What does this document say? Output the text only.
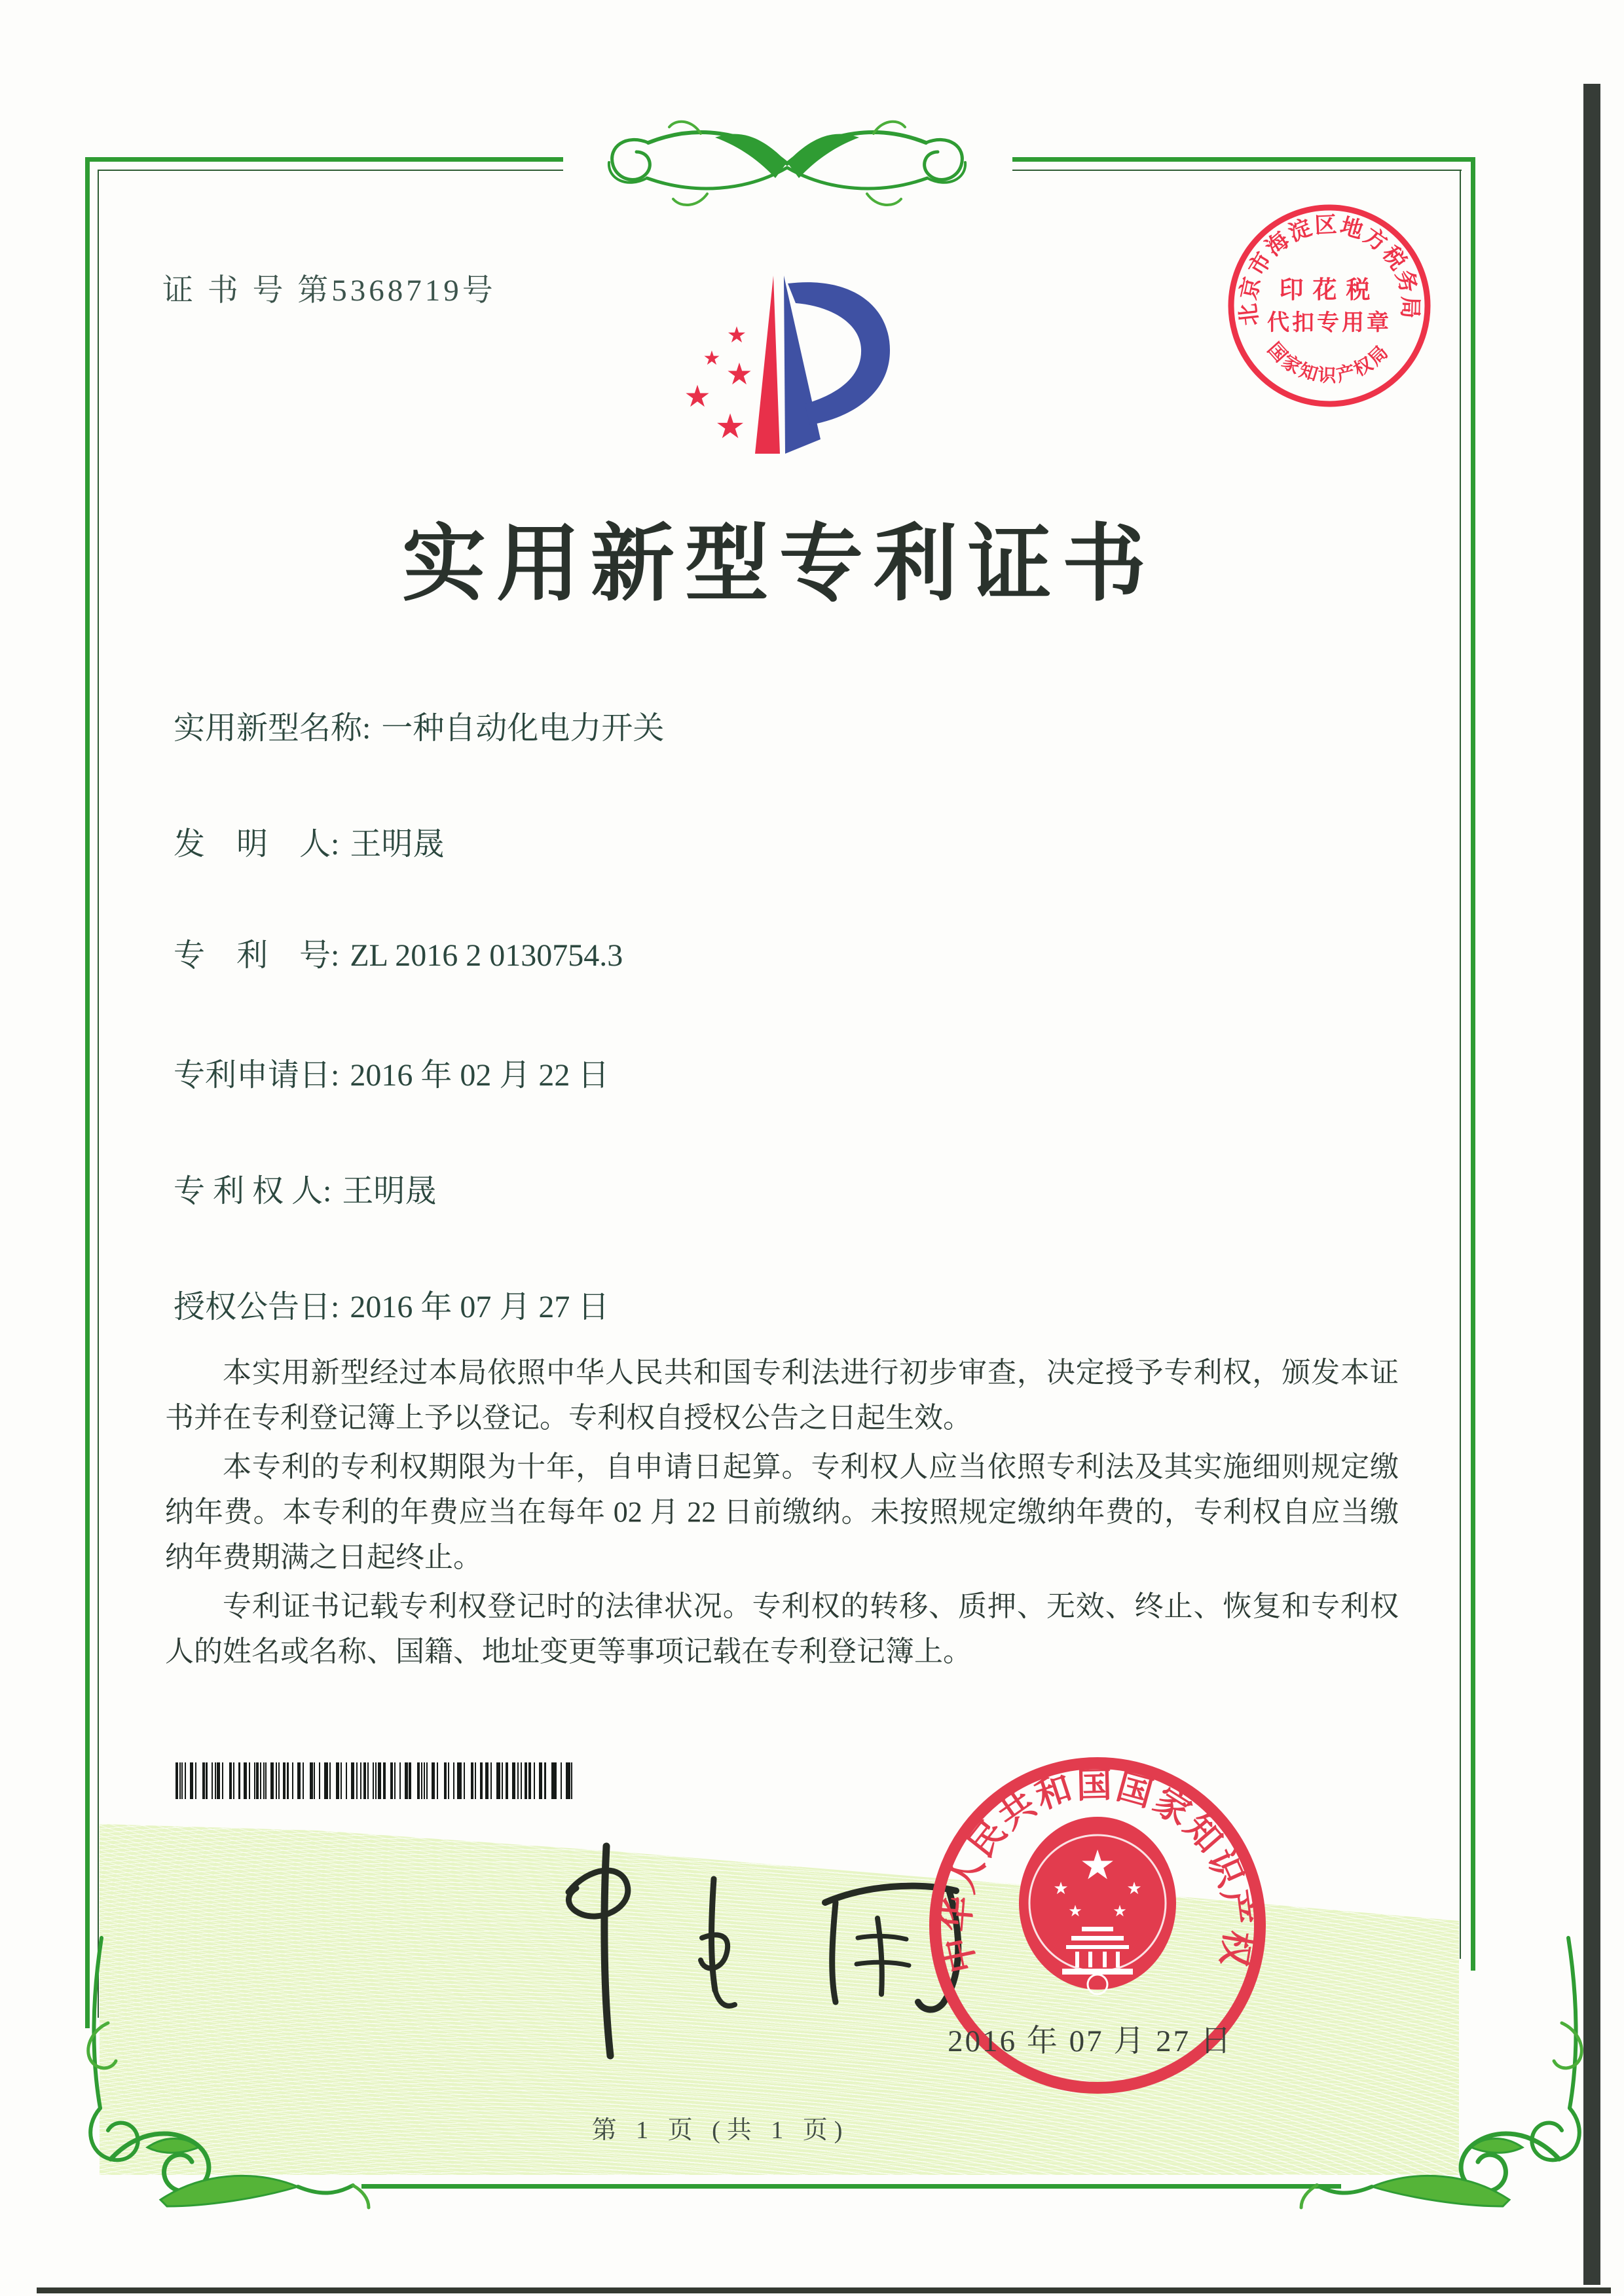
证 书 号 第5368719号
★
★ ★
★
★
北京市海淀区地方税务局
印花税
代扣专用章
国家知识产权局
实用新型专利证书
实用新型名称: 一种自动化电力开关
发　明　人: 王明晟
专　利　号: ZL 2016 2 0130754.3
专利申请日: 2016 年 02 月 22 日
专 利 权 人: 王明晟
授权公告日: 2016 年 07 月 27 日

本实用新型经过本局依照中华人民共和国专利法进行初步审查，决定授予专利权，颁发本证书并在专利登记簿上予以登记。专利权自授权公告之日起生效。

本专利的专利权期限为十年，自申请日起算。专利权人应当依照专利法及其实施细则规定缴纳年费。本专利的年费应当在每年 02 月 22 日前缴纳。未按照规定缴纳年费的，专利权自应当缴纳年费期满之日起终止。

专利证书记载专利权登记时的法律状况。专利权的转移、质押、无效、终止、恢复和专利权人的姓名或名称、国籍、地址变更等事项记载在专利登记簿上。

中华人民共和国国家知识产权局
★
★	★
★ ★
2016 年 07 月 27 日
第 1 页 (共 1 页)
